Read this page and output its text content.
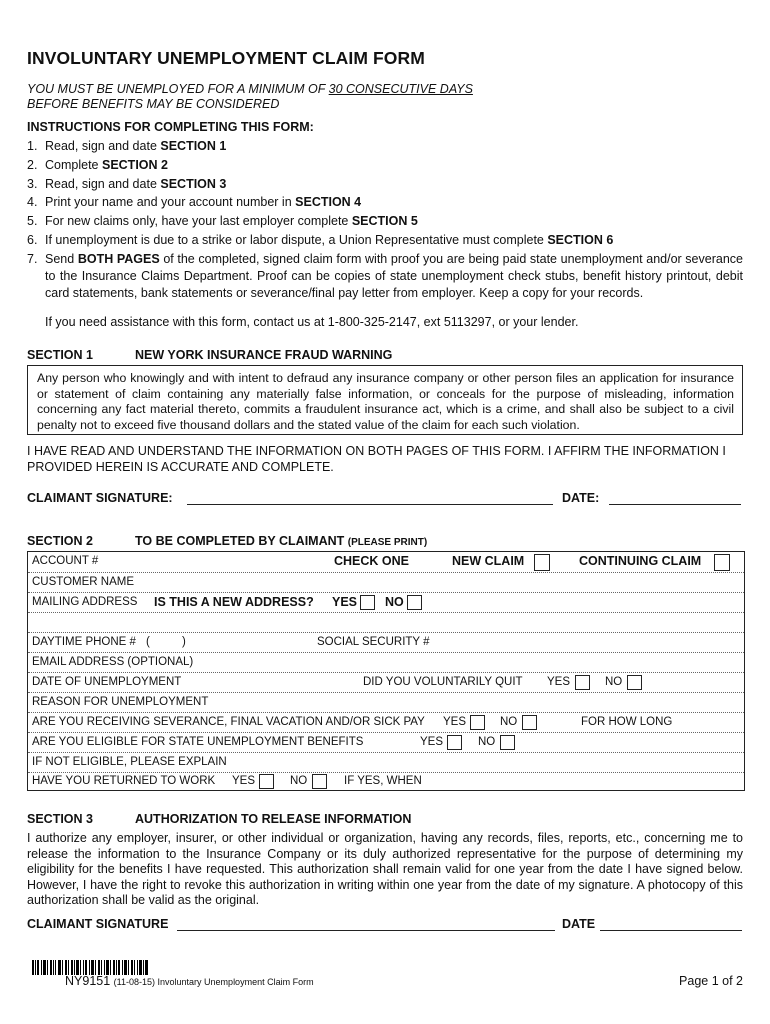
INVOLUNTARY UNEMPLOYMENT CLAIM FORM
YOU MUST BE UNEMPLOYED FOR A MINIMUM OF 30 CONSECUTIVE DAYS
BEFORE BENEFITS MAY BE CONSIDERED
INSTRUCTIONS FOR COMPLETING THIS FORM:
1. Read, sign and date SECTION 1
2. Complete SECTION 2
3. Read, sign and date SECTION 3
4. Print your name and your account number in SECTION 4
5. For new claims only, have your last employer complete SECTION 5
6. If unemployment is due to a strike or labor dispute, a Union Representative must complete SECTION 6
7. Send BOTH PAGES of the completed, signed claim form with proof you are being paid state unemployment and/or severance to the Insurance Claims Department. Proof can be copies of state unemployment check stubs, benefit history printout, debit card statements, bank statements or severance/final pay letter from employer. Keep a copy for your records.
If you need assistance with this form, contact us at 1-800-325-2147, ext 5113297, or your lender.
SECTION 1	NEW YORK INSURANCE FRAUD WARNING
Any person who knowingly and with intent to defraud any insurance company or other person files an application for insurance or statement of claim containing any materially false information, or conceals for the purpose of misleading, information concerning any fact material thereto, commits a fraudulent insurance act, which is a crime, and shall also be subject to a civil penalty not to exceed five thousand dollars and the stated value of the claim for each such violation.
I HAVE READ AND UNDERSTAND THE INFORMATION ON BOTH PAGES OF THIS FORM. I AFFIRM THE INFORMATION I PROVIDED HEREIN IS ACCURATE AND COMPLETE.
CLAIMANT SIGNATURE:	DATE:
SECTION 2	TO BE COMPLETED BY CLAIMANT (PLEASE PRINT)
ACCOUNT #	CHECK ONE	NEW CLAIM	CONTINUING CLAIM
CUSTOMER NAME
MAILING ADDRESS IS THIS A NEW ADDRESS? YES NO
DAYTIME PHONE # (	)	SOCIAL SECURITY #
EMAIL ADDRESS (OPTIONAL)
DATE OF UNEMPLOYMENT	DID YOU VOLUNTARILY QUIT YES	NO
REASON FOR UNEMPLOYMENT
ARE YOU RECEIVING SEVERANCE, FINAL VACATION AND/OR SICK PAY YES	NO	FOR HOW LONG
ARE YOU ELIGIBLE FOR STATE UNEMPLOYMENT BENEFITS	YES	NO
IF NOT ELIGIBLE, PLEASE EXPLAIN
HAVE YOU RETURNED TO WORK YES	NO	IF YES, WHEN
SECTION 3	AUTHORIZATION TO RELEASE INFORMATION
I authorize any employer, insurer, or other individual or organization, having any records, files, reports, etc., concerning me to release the information to the Insurance Company or its duly authorized representative for the purpose of determining my eligibility for the benefits I have requested. This authorization shall remain valid for one year from the date I have signed below. However, I have the right to revoke this authorization in writing within one year from the date of my signature. A photocopy of this authorization shall be valid as the original.
CLAIMANT SIGNATURE	DATE
NY9151 (11-08-15) Involuntary Unemployment Claim Form	Page 1 of 2
